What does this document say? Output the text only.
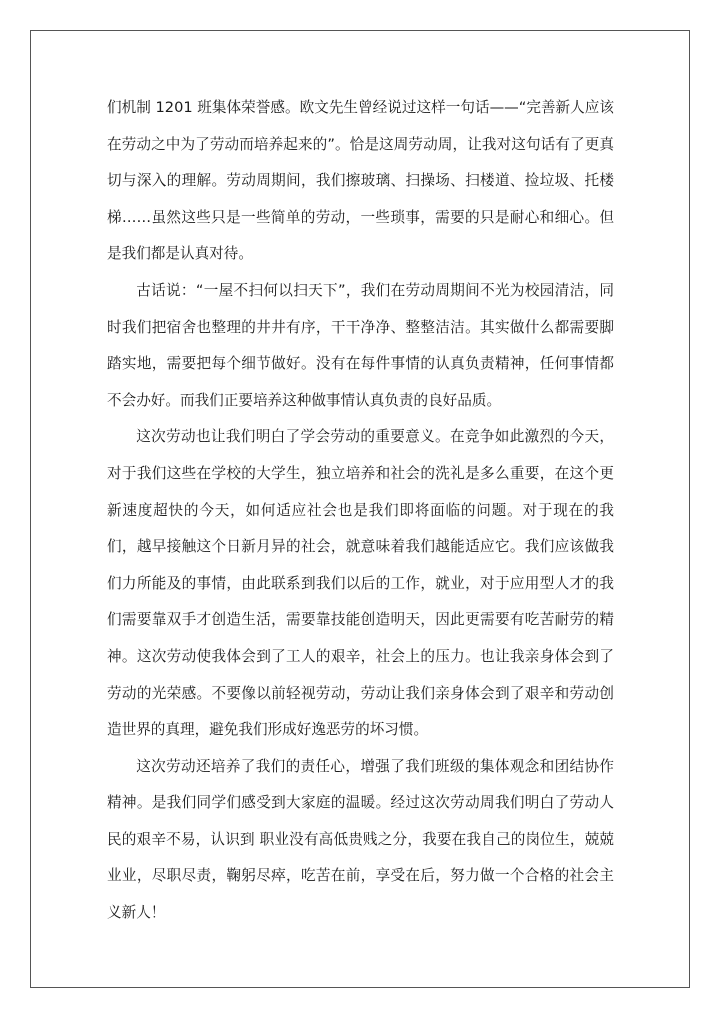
们机制 1201 班集体荣誉感。欧文先生曾经说过这样一句话——“完善新人应该在劳动之中为了劳动而培养起来的”。恰是这周劳动周，让我对这句话有了更真切与深入的理解。劳动周期间，我们擦玻璃、扫操场、扫楼道、捡垃圾、托楼梯……虽然这些只是一些简单的劳动，一些琐事，需要的只是耐心和细心。但是我们都是认真对待。

古话说：“一屋不扫何以扫天下”，我们在劳动周期间不光为校园清洁，同时我们把宿舍也整理的井井有序，干干净净、整整洁洁。其实做什么都需要脚踏实地，需要把每个细节做好。没有在每件事情的认真负责精神，任何事情都不会办好。而我们正要培养这种做事情认真负责的良好品质。

这次劳动也让我们明白了学会劳动的重要意义。在竞争如此激烈的今天，对于我们这些在学校的大学生，独立培养和社会的洗礼是多么重要，在这个更新速度超快的今天，如何适应社会也是我们即将面临的问题。对于现在的我们，越早接触这个日新月异的社会，就意味着我们越能适应它。我们应该做我们力所能及的事情，由此联系到我们以后的工作，就业，对于应用型人才的我们需要靠双手才创造生活，需要靠技能创造明天，因此更需要有吃苦耐劳的精神。这次劳动使我体会到了工人的艰辛，社会上的压力。也让我亲身体会到了劳动的光荣感。不要像以前轻视劳动，劳动让我们亲身体会到了艰辛和劳动创造世界的真理，避免我们形成好逸恶劳的坏习惯。

这次劳动还培养了我们的责任心，增强了我们班级的集体观念和团结协作精神。是我们同学们感受到大家庭的温暖。经过这次劳动周我们明白了劳动人民的艰辛不易，认识到 职业没有高低贵贱之分，我要在我自己的岗位生，兢兢业业，尽职尽责，鞠躬尽瘁，吃苦在前，享受在后，努力做一个合格的社会主义新人！
